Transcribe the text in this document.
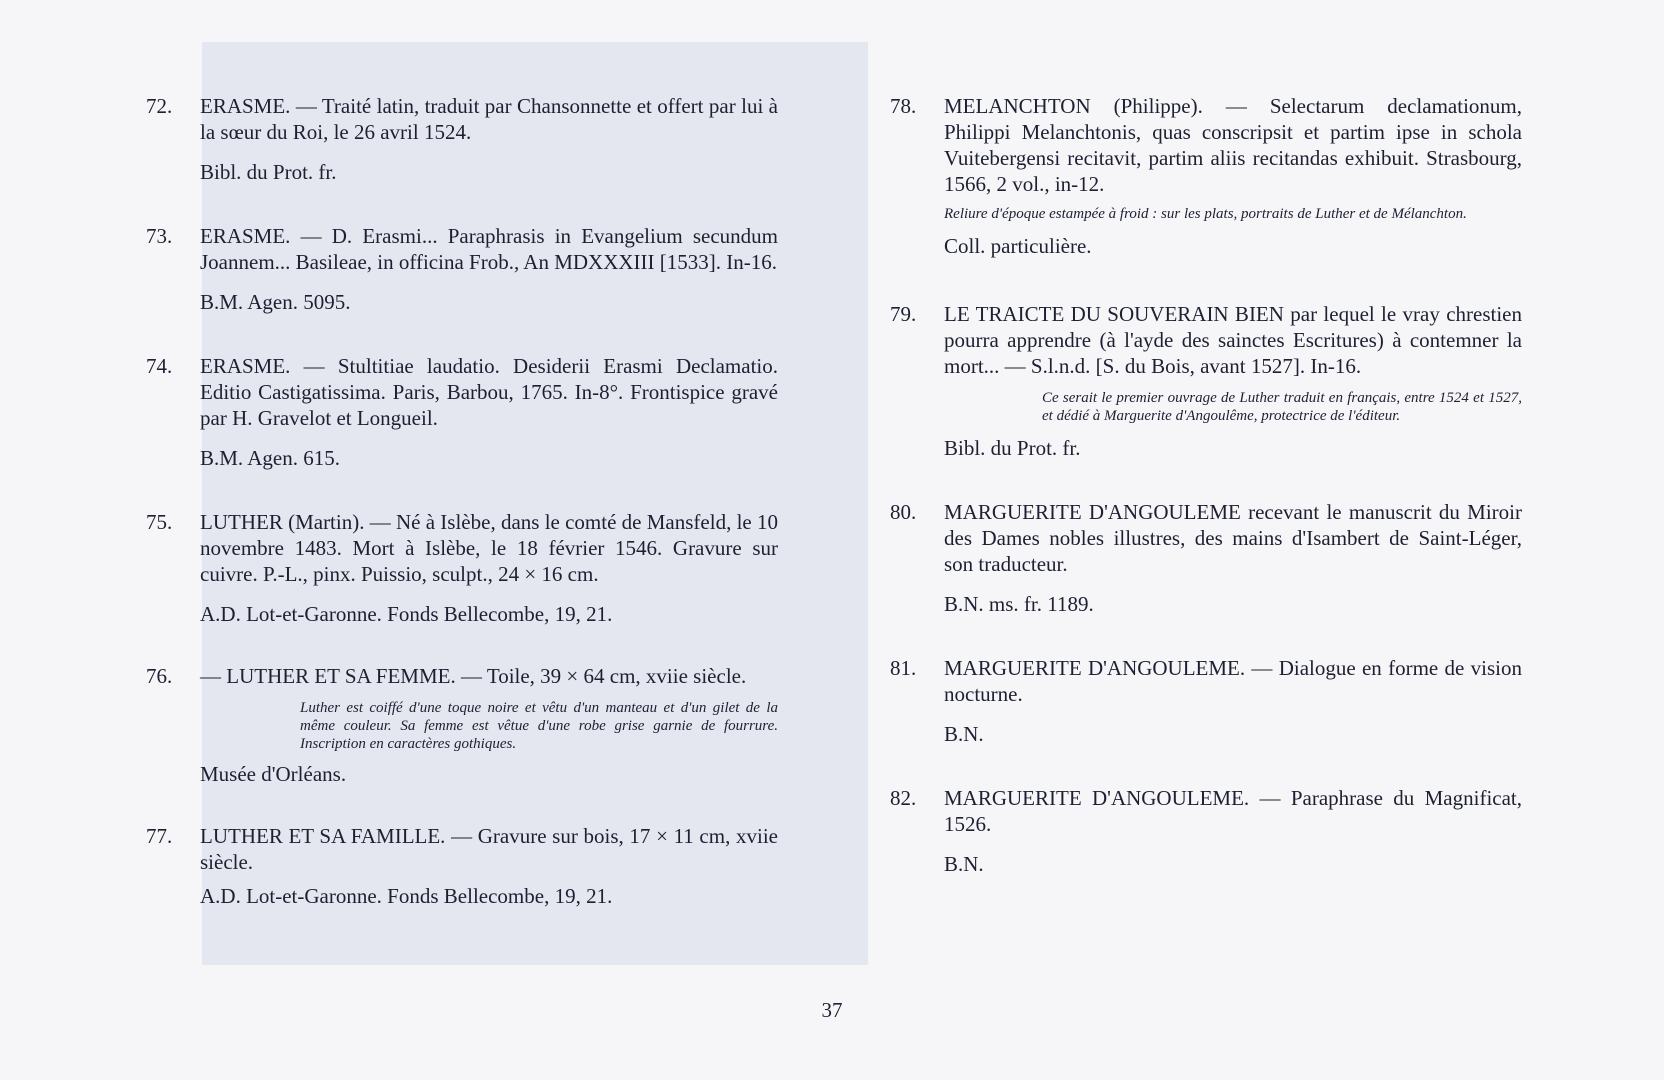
72. ERASME. — Traité latin, traduit par Chansonnette et offert par lui à la sœur du Roi, le 26 avril 1524.
Bibl. du Prot. fr.
73. ERASME. — D. Erasmi... Paraphrasis in Evangelium secundum Joannem... Basileae, in officina Frob., An MDXXXIII [1533]. In-16.
B.M. Agen. 5095.
74. ERASME. — Stultitiae laudatio. Desiderii Erasmi Declamatio. Editio Castigatissima. Paris, Barbou, 1765. In-8°. Frontispice gravé par H. Gravelot et Longueil.
B.M. Agen. 615.
75. LUTHER (Martin). — Né à Islèbe, dans le comté de Mansfeld, le 10 novembre 1483. Mort à Islèbe, le 18 février 1546. Gravure sur cuivre. P.-L., pinx. Puissio, sculpt., 24 × 16 cm.
A.D. Lot-et-Garonne. Fonds Bellecombe, 19, 21.
76. — LUTHER ET SA FEMME. — Toile, 39 × 64 cm, xviie siècle.
Luther est coiffé d'une toque noire et vêtu d'un manteau et d'un gilet de la même couleur. Sa femme est vêtue d'une robe grise garnie de fourrure. Inscription en caractères gothiques.
Musée d'Orléans.
77. LUTHER ET SA FAMILLE. — Gravure sur bois, 17 × 11 cm, xviie siècle.
A.D. Lot-et-Garonne. Fonds Bellecombe, 19, 21.
78. MELANCHTON (Philippe). — Selectarum declamationum, Philippi Melanchtonis, quas conscripsit et partim ipse in schola Vuitebergensi recitavit, partim aliis recitandas exhibuit. Strasbourg, 1566, 2 vol., in-12.
Reliure d'époque estampée à froid : sur les plats, portraits de Luther et de Mélanchton.
Coll. particulière.
79. LE TRAICTE DU SOUVERAIN BIEN par lequel le vray chrestien pourra apprendre (à l'ayde des sainctes Escritures) à contemner la mort... — S.l.n.d. [S. du Bois, avant 1527]. In-16.
Ce serait le premier ouvrage de Luther traduit en français, entre 1524 et 1527, et dédié à Marguerite d'Angoulême, protectrice de l'éditeur.
Bibl. du Prot. fr.
80. MARGUERITE D'ANGOULEME recevant le manuscrit du Miroir des Dames nobles illustres, des mains d'Isambert de Saint-Léger, son traducteur.
B.N. ms. fr. 1189.
81. MARGUERITE D'ANGOULEME. — Dialogue en forme de vision nocturne.
B.N.
82. MARGUERITE D'ANGOULEME. — Paraphrase du Magnificat, 1526.
B.N.
37
